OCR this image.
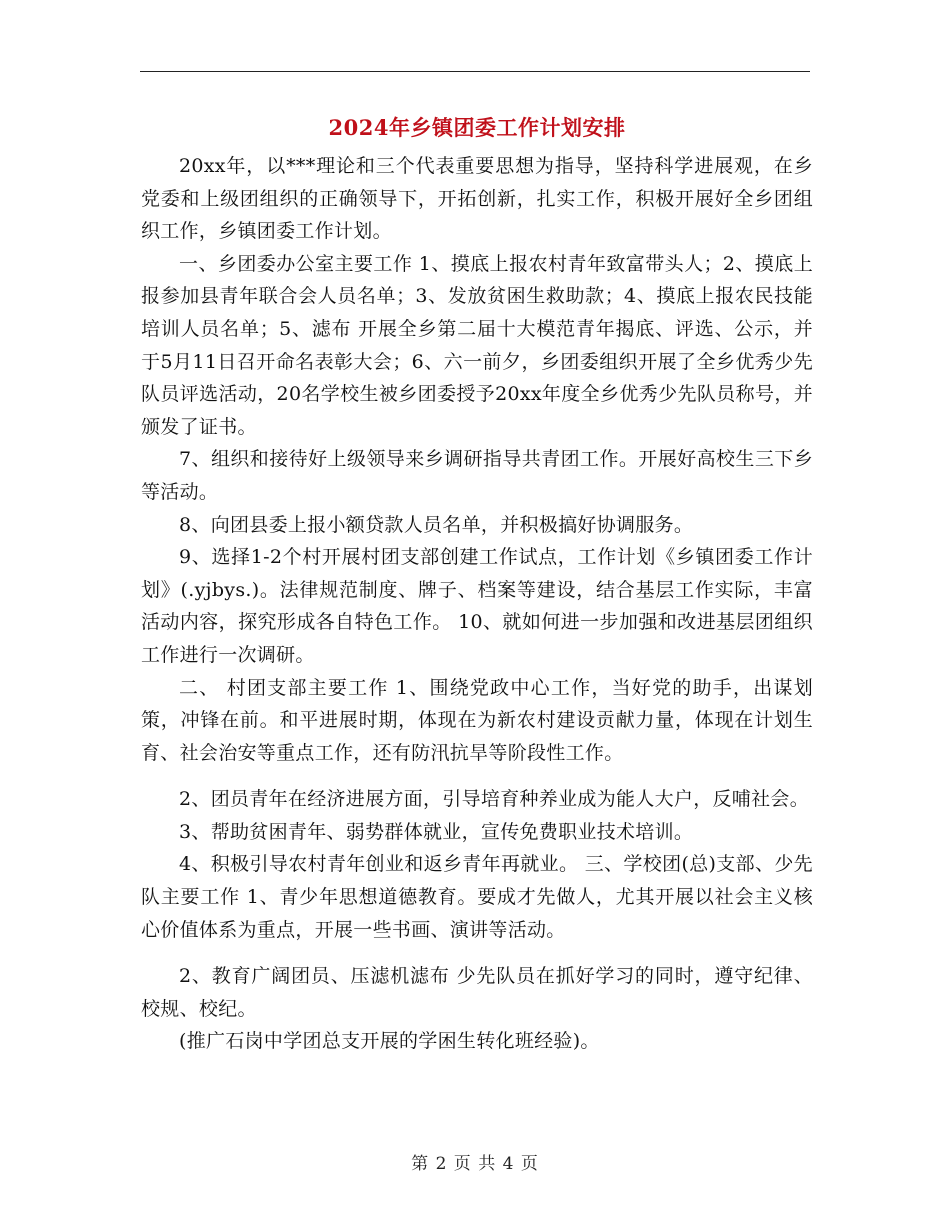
2024年乡镇团委工作计划安排

20xx年，以***理论和三个代表重要思想为指导，坚持科学进展观，在乡党委和上级团组织的正确领导下，开拓创新，扎实工作，积极开展好全乡团组织工作，乡镇团委工作计划。

一、乡团委办公室主要工作 1、摸底上报农村青年致富带头人；2、摸底上报参加县青年联合会人员名单；3、发放贫困生救助款；4、摸底上报农民技能培训人员名单；5、滤布 开展全乡第二届十大模范青年揭底、评选、公示，并于5月11日召开命名表彰大会；6、六一前夕，乡团委组织开展了全乡优秀少先队员评选活动，20名学校生被乡团委授予20xx年度全乡优秀少先队员称号，并颁发了证书。

7、组织和接待好上级领导来乡调研指导共青团工作。开展好高校生三下乡等活动。

8、向团县委上报小额贷款人员名单，并积极搞好协调服务。

9、选择1-2个村开展村团支部创建工作试点，工作计划《乡镇团委工作计划》(.yjbys.)。法律规范制度、牌子、档案等建设，结合基层工作实际，丰富活动内容，探究形成各自特色工作。 10、就如何进一步加强和改进基层团组织工作进行一次调研。

二、 村团支部主要工作 1、围绕党政中心工作，当好党的助手，出谋划策，冲锋在前。和平进展时期，体现在为新农村建设贡献力量，体现在计划生育、社会治安等重点工作，还有防汛抗旱等阶段性工作。

2、团员青年在经济进展方面，引导培育种养业成为能人大户，反哺社会。

3、帮助贫困青年、弱势群体就业，宣传免费职业技术培训。

4、积极引导农村青年创业和返乡青年再就业。 三、学校团(总)支部、少先队主要工作 1、青少年思想道德教育。要成才先做人，尤其开展以社会主义核心价值体系为重点，开展一些书画、演讲等活动。

2、教育广阔团员、压滤机滤布 少先队员在抓好学习的同时，遵守纪律、校规、校纪。

(推广石岗中学团总支开展的学困生转化班经验)。

第 2 页 共 4 页
